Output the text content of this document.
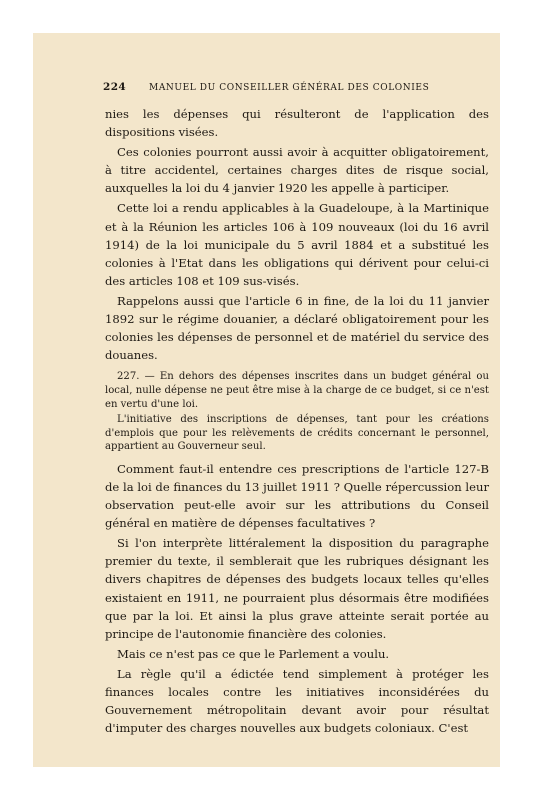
224	MANUEL DU CONSEILLER GÉNÉRAL DES COLONIES

nies les dépenses qui résulteront de l'application des dispositions visées.

Ces colonies pourront aussi avoir à acquitter obligatoirement, à titre accidentel, certaines charges dites de risque social, auxquelles la loi du 4 janvier 1920 les appelle à participer.

Cette loi a rendu applicables à la Guadeloupe, à la Martinique et à la Réunion les articles 106 à 109 nouveaux (loi du 16 avril 1914) de la loi municipale du 5 avril 1884 et a substitué les colonies à l'Etat dans les obligations qui dérivent pour celui-ci des articles 108 et 109 sus-visés.

Rappelons aussi que l'article 6 in fine, de la loi du 11 janvier 1892 sur le régime douanier, a déclaré obligatoirement pour les colonies les dépenses de personnel et de matériel du service des douanes.

227. — En dehors des dépenses inscrites dans un budget général ou local, nulle dépense ne peut être mise à la charge de ce budget, si ce n'est en vertu d'une loi.

L'initiative des inscriptions de dépenses, tant pour les créations d'emplois que pour les relèvements de crédits concernant le personnel, appartient au Gouverneur seul.

Comment faut-il entendre ces prescriptions de l'article 127-B de la loi de finances du 13 juillet 1911 ? Quelle répercussion leur observation peut-elle avoir sur les attributions du Conseil général en matière de dépenses facultatives ?

Si l'on interprète littéralement la disposition du paragraphe premier du texte, il semblerait que les rubriques désignant les divers chapitres de dépenses des budgets locaux telles qu'elles existaient en 1911, ne pourraient plus désormais être modifiées que par la loi. Et ainsi la plus grave atteinte serait portée au principe de l'autonomie financière des colonies.

Mais ce n'est pas ce que le Parlement a voulu.

La règle qu'il a édictée tend simplement à protéger les finances locales contre les initiatives inconsidérées du Gouvernement métropolitain devant avoir pour résultat d'imputer des charges nouvelles aux budgets coloniaux. C'est
